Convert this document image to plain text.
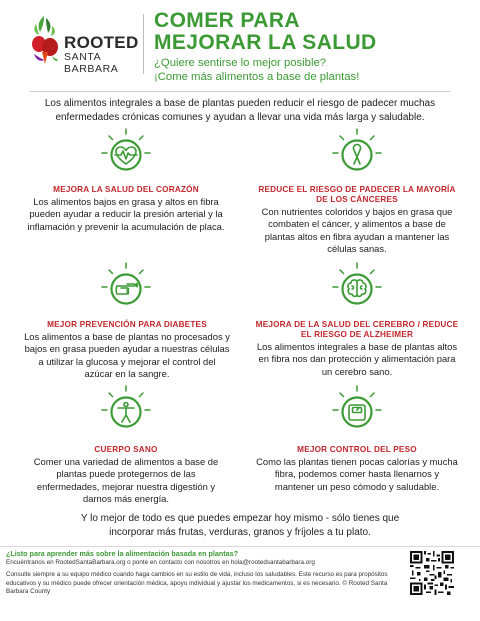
ROOTED
SANTA BARBARA
COMER PARA
MEJORAR LA SALUD
¿Quiere sentirse lo mejor posible?
¡Come más alimentos a base de plantas!
Los alimentos integrales a base de plantas pueden reducir el riesgo de padecer muchas enfermedades crónicas comunes y ayudan a llevar una vida más larga y saludable.
MEJORA LA SALUD DEL CORAZÓN
Los alimentos bajos en grasa y altos en fibra pueden ayudar a reducir la presión arterial y la inflamación y prevenir la acumulación de placa.
REDUCE EL RIESGO DE PADECER LA MAYORÍA DE LOS CÁNCERES
Con nutrientes coloridos y bajos en grasa que combaten el cáncer, y alimentos a base de plantas altos en fibra ayudan a mantener las células sanas.
MEJOR PREVENCIÓN PARA DIABETES
Los alimentos a base de plantas no procesados y bajos en grasa pueden ayudar a nuestras células a utilizar la glucosa y mejorar el control del azúcar en la sangre.
MEJORA DE LA SALUD DEL CEREBRO / REDUCE EL RIESGO DE ALZHEIMER
Los alimentos integrales a base de plantas altos en fibra nos dan protección y alimentación para un cerebro sano.
CUERPO SANO
Comer una variedad de alimentos a base de plantas puede protegernos de las enfermedades, mejorar nuestra digestión y darnos más energía.
MEJOR CONTROL DEL PESO
Como las plantas tienen pocas calorías y mucha fibra, podemos comer hasta llenarnos y mantener un peso cómodo y saludable.
Y lo mejor de todo es que puedes empezar hoy mismo - sólo tienes que incorporar más frutas, verduras, granos y fríjoles a tu plato.
¿Listo para aprender más sobre la alimentación basada en plantas?
Encuéntranos en RootedSantaBarbara.org o ponte en contacto con nosotros en hola@rootedsantabarbara.org
Consulte siempre a su equipo médico cuando haga cambios en su estilo de vida, incluso los saludables. Este recurso es para propósitos educativos y su médico puede ofrecer orientación médica, apoyo individual y ajustar los medicamentos, si es necesario. © Rooted Santa Barbara County
